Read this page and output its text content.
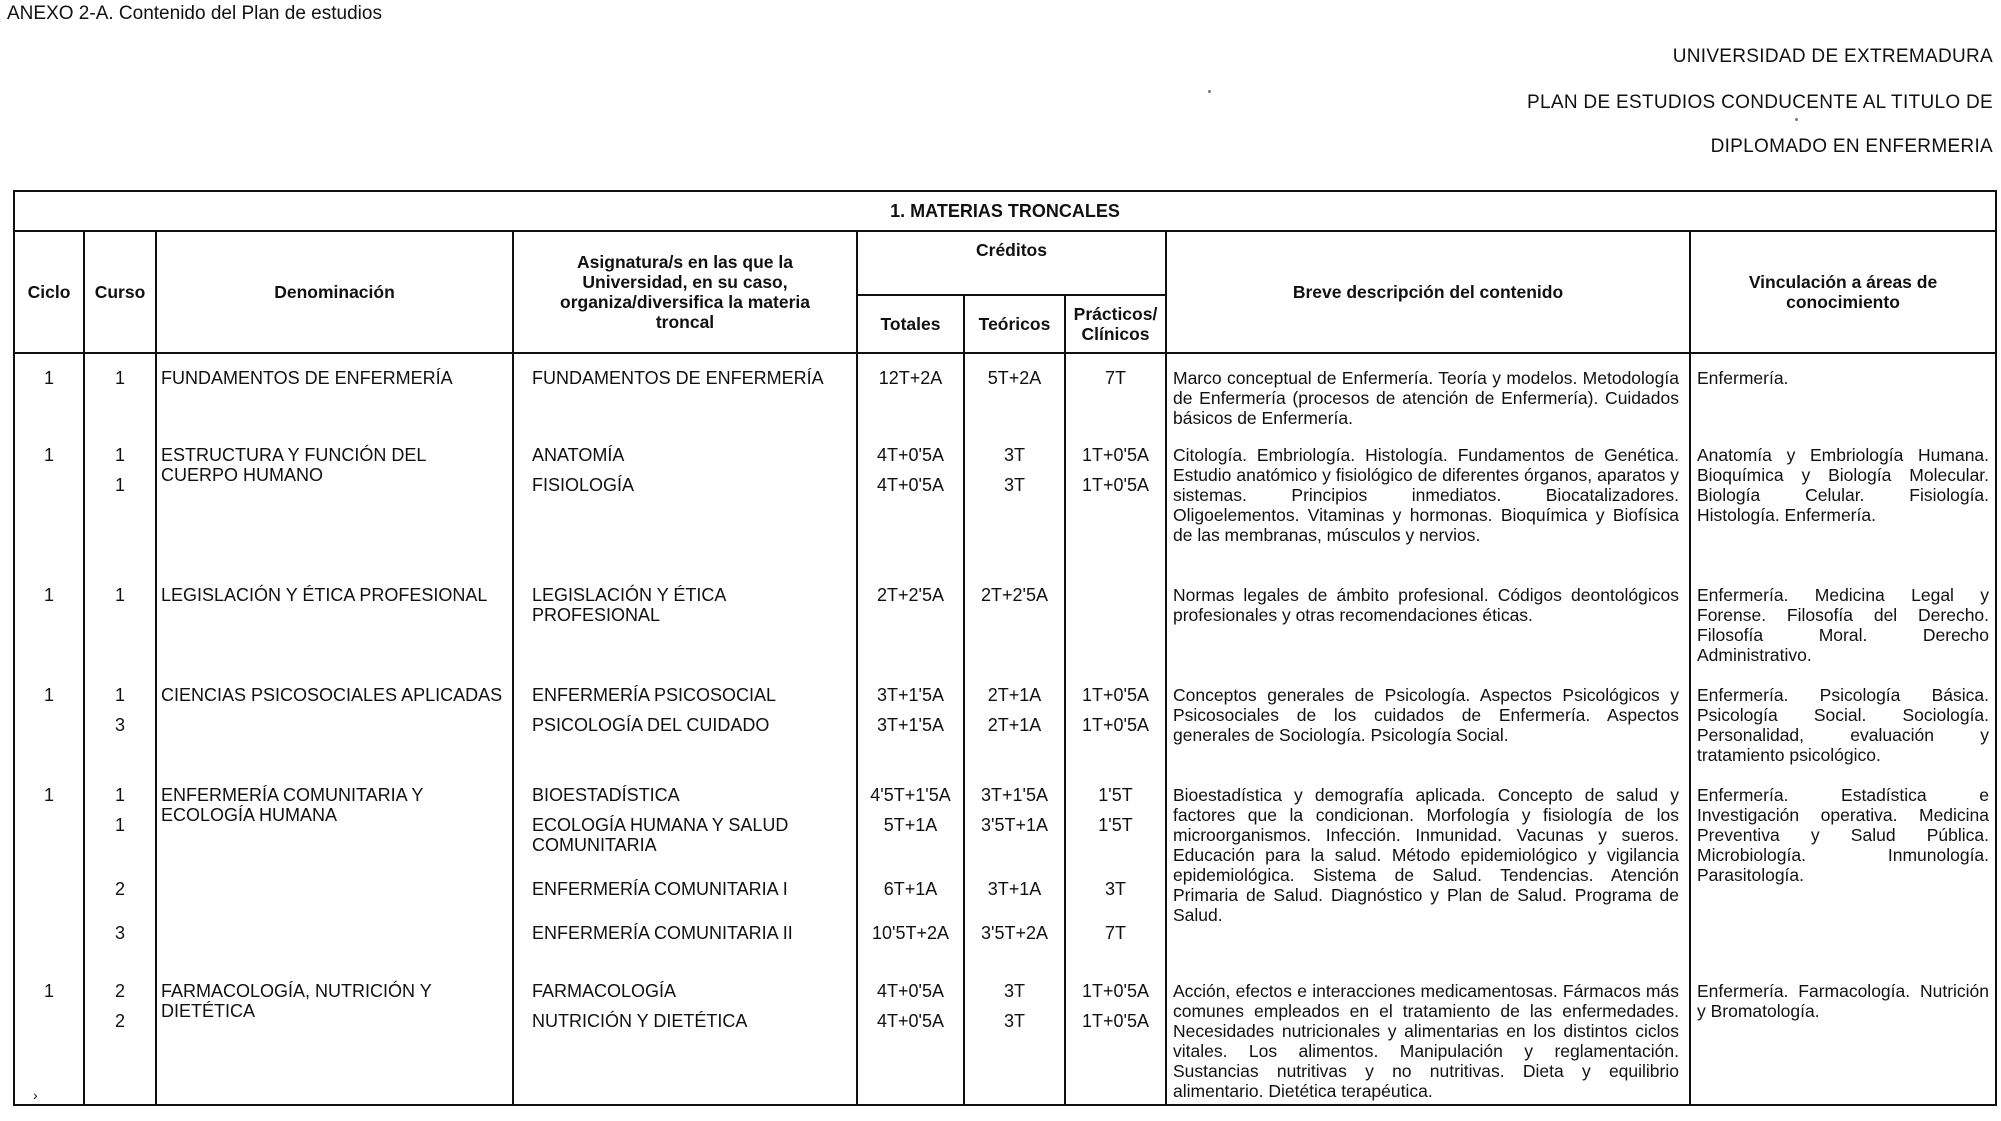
ANEXO 2-A. Contenido del Plan de estudios
UNIVERSIDAD DE EXTREMADURA
PLAN DE ESTUDIOS CONDUCENTE AL TITULO DE
DIPLOMADO EN ENFERMERIA
1. MATERIAS TRONCALES								
Ciclo	Curso	Denominación	Asignatura/s en las que la Universidad, en su caso, organiza/diversifica la materia troncal	Créditos			Breve descripción del contenido	Vinculación a áreas de conocimiento
				Totales	Teóricos	Prácticos/ Clínicos		
1	1	FUNDAMENTOS DE ENFERMERÍA	FUNDAMENTOS DE ENFERMERÍA	12T+2A	5T+2A	7T	Marco conceptual de Enfermería. Teoría y modelos. Metodología de Enfermería (procesos de atención de Enfermería). Cuidados básicos de Enfermería.	Enfermería.
1	1	ESTRUCTURA Y FUNCIÓN DEL CUERPO HUMANO	ANATOMÍA	4T+0'5A	3T	1T+0'5A	Citología. Embriología. Histología. Fundamentos de Genética. Estudio anatómico y fisiológico de diferentes órganos, aparatos y sistemas. Principios inmediatos. Biocatalizadores. Oligoelementos. Vitaminas y hormonas. Bioquímica y Biofísica de las membranas, músculos y nervios.	Anatomía y Embriología Humana. Bioquímica y Biología Molecular. Biología Celular. Fisiología. Histología. Enfermería.
	1		FISIOLOGÍA	4T+0'5A	3T	1T+0'5A		
1	1	LEGISLACIÓN Y ÉTICA PROFESIONAL	LEGISLACIÓN Y ÉTICA PROFESIONAL	2T+2'5A	2T+2'5A		Normas legales de ámbito profesional. Códigos deontológicos profesionales y otras recomendaciones éticas.	Enfermería. Medicina Legal y Forense. Filosofía del Derecho. Filosofía Moral. Derecho Administrativo.
1	1	CIENCIAS PSICOSOCIALES APLICADAS	ENFERMERÍA PSICOSOCIAL	3T+1'5A	2T+1A	1T+0'5A	Conceptos generales de Psicología. Aspectos Psicológicos y Psicosociales de los cuidados de Enfermería. Aspectos generales de Sociología. Psicología Social.	Enfermería. Psicología Básica. Psicología Social. Sociología. Personalidad, evaluación y tratamiento psicológico.
	3		PSICOLOGÍA DEL CUIDADO	3T+1'5A	2T+1A	1T+0'5A		
1	1	ENFERMERÍA COMUNITARIA Y ECOLOGÍA HUMANA	BIOESTADÍSTICA	4'5T+1'5A	3T+1'5A	1'5T	Bioestadística y demografía aplicada. Concepto de salud y factores que la condicionan. Morfología y fisiología de los microorganismos. Infección. Inmunidad. Vacunas y sueros. Educación para la salud. Método epidemiológico y vigilancia epidemiológica. Sistema de Salud. Tendencias. Atención Primaria de Salud. Diagnóstico y Plan de Salud. Programa de Salud.	Enfermería. Estadística e Investigación operativa. Medicina Preventiva y Salud Pública. Microbiología. Inmunología. Parasitología.
	1		ECOLOGÍA HUMANA Y SALUD COMUNITARIA	5T+1A	3'5T+1A	1'5T		
	2		ENFERMERÍA COMUNITARIA I	6T+1A	3T+1A	3T		
	3		ENFERMERÍA COMUNITARIA II	10'5T+2A	3'5T+2A	7T		
1	2	FARMACOLOGÍA, NUTRICIÓN Y DIETÉTICA	FARMACOLOGÍA	4T+0'5A	3T	1T+0'5A	Acción, efectos e interacciones medicamentosas. Fármacos más comunes empleados en el tratamiento de las enfermedades. Necesidades nutricionales y alimentarias en los distintos ciclos vitales. Los alimentos. Manipulación y reglamentación. Sustancias nutritivas y no nutritivas. Dieta y equilibrio alimentario. Dietética terapéutica.	Enfermería. Farmacología. Nutrición y Bromatología.
	2		NUTRICIÓN Y DIETÉTICA	4T+0'5A	3T	1T+0'5A		
›
